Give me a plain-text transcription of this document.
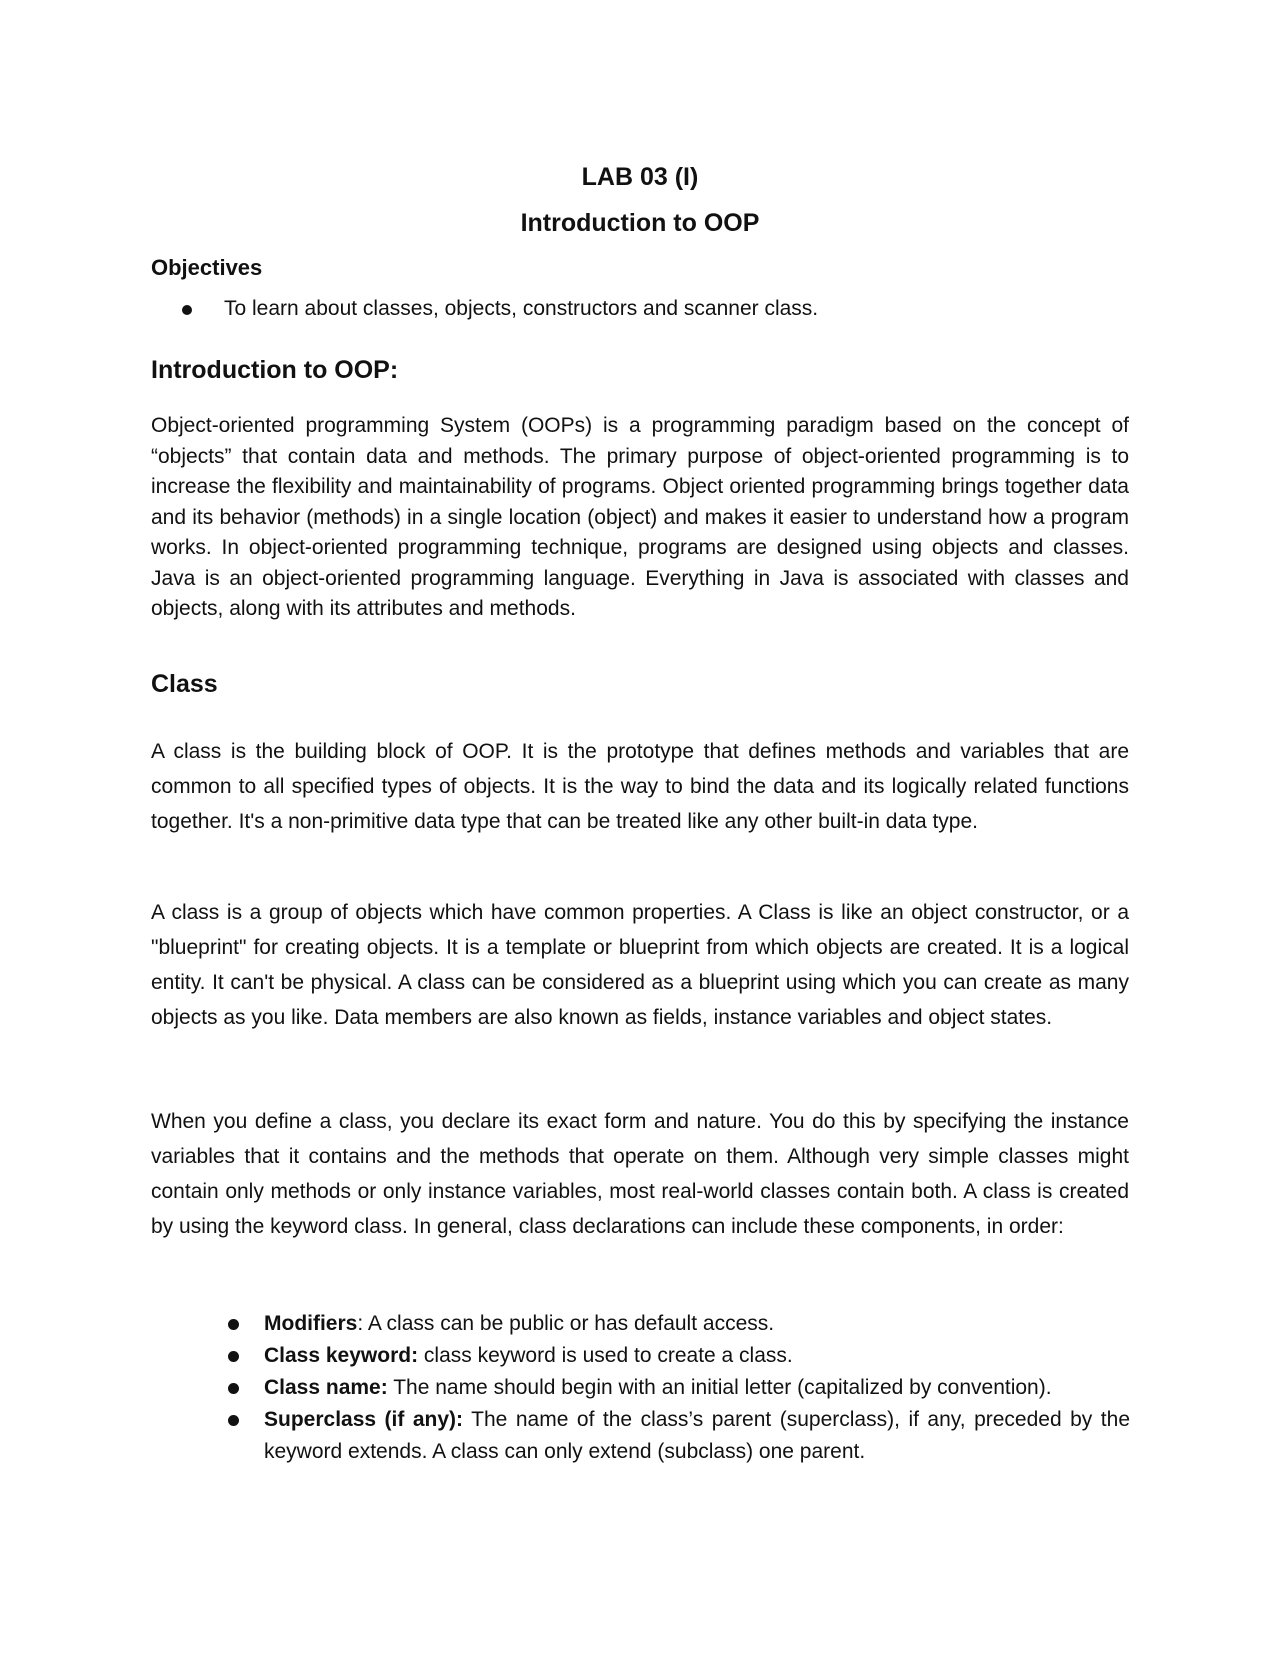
LAB 03 (I)
Introduction to OOP
Objectives
To learn about classes, objects, constructors and scanner class.
Introduction to OOP:

Object-oriented programming System (OOPs) is a programming paradigm based on the concept of “objects” that contain data and methods. The primary purpose of object-oriented programming is to increase the flexibility and maintainability of programs. Object oriented programming brings together data and its behavior (methods) in a single location (object) and makes it easier to understand how a program works. In object-oriented programming technique, programs are designed using objects and classes. Java is an object-oriented programming language. Everything in Java is associated with classes and objects, along with its attributes and methods.

Class

A class is the building block of OOP. It is the prototype that defines methods and variables that are common to all specified types of objects. It is the way to bind the data and its logically related functions together. It's a non-primitive data type that can be treated like any other built-in data type.

A class is a group of objects which have common properties. A Class is like an object constructor, or a "blueprint" for creating objects. It is a template or blueprint from which objects are created. It is a logical entity. It can't be physical. A class can be considered as a blueprint using which you can create as many objects as you like. Data members are also known as fields, instance variables and object states.

When you define a class, you declare its exact form and nature. You do this by specifying the instance variables that it contains and the methods that operate on them. Although very simple classes might contain only methods or only instance variables, most real-world classes contain both. A class is created by using the keyword class. In general, class declarations can include these components, in order:

Modifiers: A class can be public or has default access.
Class keyword: class keyword is used to create a class.
Class name: The name should begin with an initial letter (capitalized by convention).
Superclass (if any): The name of the class’s parent (superclass), if any, preceded by the keyword extends. A class can only extend (subclass) one parent.
